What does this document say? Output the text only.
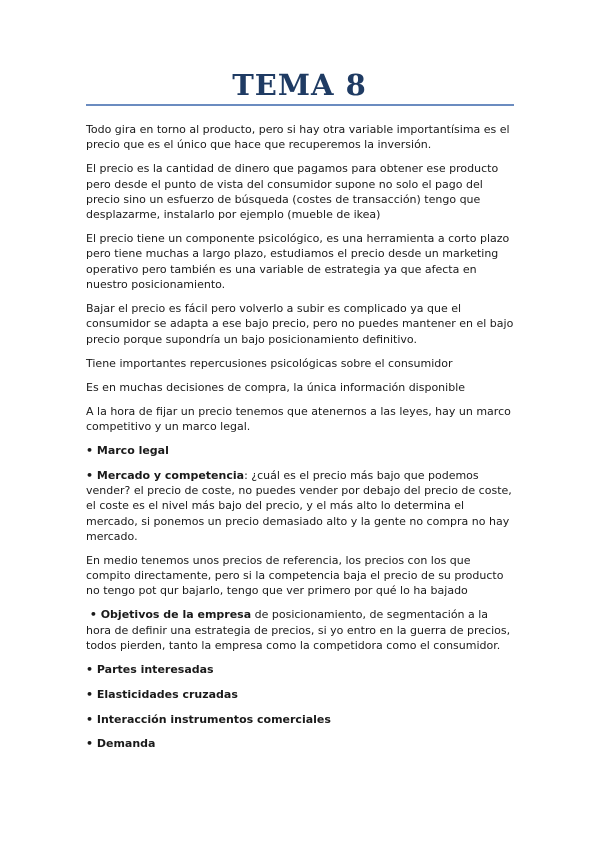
TEMA 8

Todo gira en torno al producto, pero si hay otra variable importantísima es el precio que es el único que hace que recuperemos la inversión.

El precio es la cantidad de dinero que pagamos para obtener ese producto pero desde el punto de vista del consumidor supone no solo el pago del precio sino un esfuerzo de búsqueda (costes de transacción) tengo que desplazarme, instalarlo por ejemplo (mueble de ikea)

El precio tiene un componente psicológico, es una herramienta a corto plazo pero tiene muchas a largo plazo, estudiamos el precio desde un marketing operativo pero también es una variable de estrategia ya que afecta en nuestro posicionamiento.

Bajar el precio es fácil pero volverlo a subir es complicado ya que el consumidor se adapta a ese bajo precio, pero no puedes mantener en el bajo precio porque supondría un bajo posicionamiento definitivo.

Tiene importantes repercusiones psicológicas sobre el consumidor

Es en muchas decisiones de compra, la única información disponible

A la hora de fijar un precio tenemos que atenernos a las leyes, hay un marco competitivo y un marco legal.

• Marco legal

• Mercado y competencia: ¿cuál es el precio más bajo que podemos vender? el precio de coste, no puedes vender por debajo del precio de coste, el coste es el nivel más bajo del precio, y el más alto lo determina el mercado, si ponemos un precio demasiado alto y la gente no compra no hay mercado.

En medio tenemos unos precios de referencia, los precios con los que compito directamente, pero si la competencia baja el precio de su producto no tengo pot qur bajarlo, tengo que ver primero por qué lo ha bajado

• Objetivos de la empresa de posicionamiento, de segmentación a la hora de definir una estrategia de precios, si yo entro en la guerra de precios, todos pierden, tanto la empresa como la competidora como el consumidor.

• Partes interesadas

• Elasticidades cruzadas

• Interacción instrumentos comerciales

• Demanda
